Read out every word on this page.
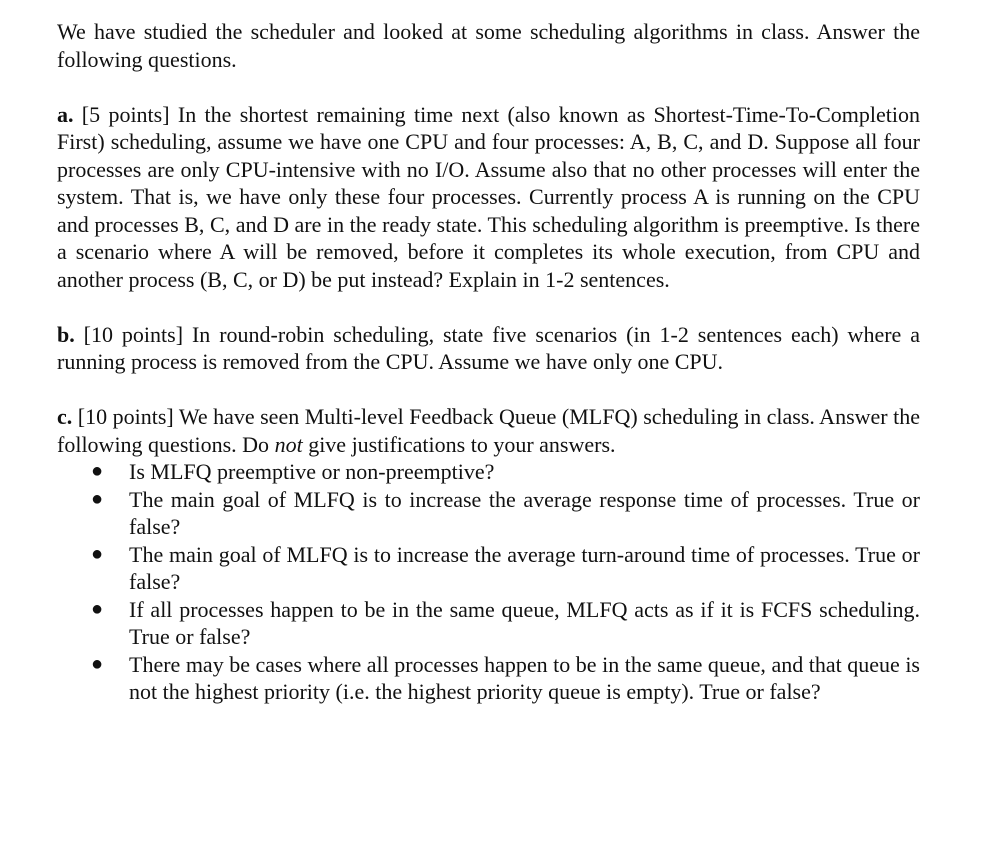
We have studied the scheduler and looked at some scheduling algorithms in class. Answer the following questions.

a. [5 points] In the shortest remaining time next (also known as Shortest-Time-To-Completion First) scheduling, assume we have one CPU and four processes: A, B, C, and D. Suppose all four processes are only CPU-intensive with no I/O. Assume also that no other processes will enter the system. That is, we have only these four processes. Currently process A is running on the CPU and processes B, C, and D are in the ready state. This scheduling algorithm is preemptive. Is there a scenario where A will be removed, before it completes its whole execution, from CPU and another process (B, C, or D) be put instead? Explain in 1-2 sentences.

b. [10 points] In round-robin scheduling, state five scenarios (in 1-2 sentences each) where a running process is removed from the CPU. Assume we have only one CPU.

c. [10 points] We have seen Multi-level Feedback Queue (MLFQ) scheduling in class. Answer the following questions. Do not give justifications to your answers.

● Is MLFQ preemptive or non-preemptive?
● The main goal of MLFQ is to increase the average response time of processes. True or false?
● The main goal of MLFQ is to increase the average turn-around time of processes. True or false?
● If all processes happen to be in the same queue, MLFQ acts as if it is FCFS scheduling. True or false?
● There may be cases where all processes happen to be in the same queue, and that queue is not the highest priority (i.e. the highest priority queue is empty). True or false?
